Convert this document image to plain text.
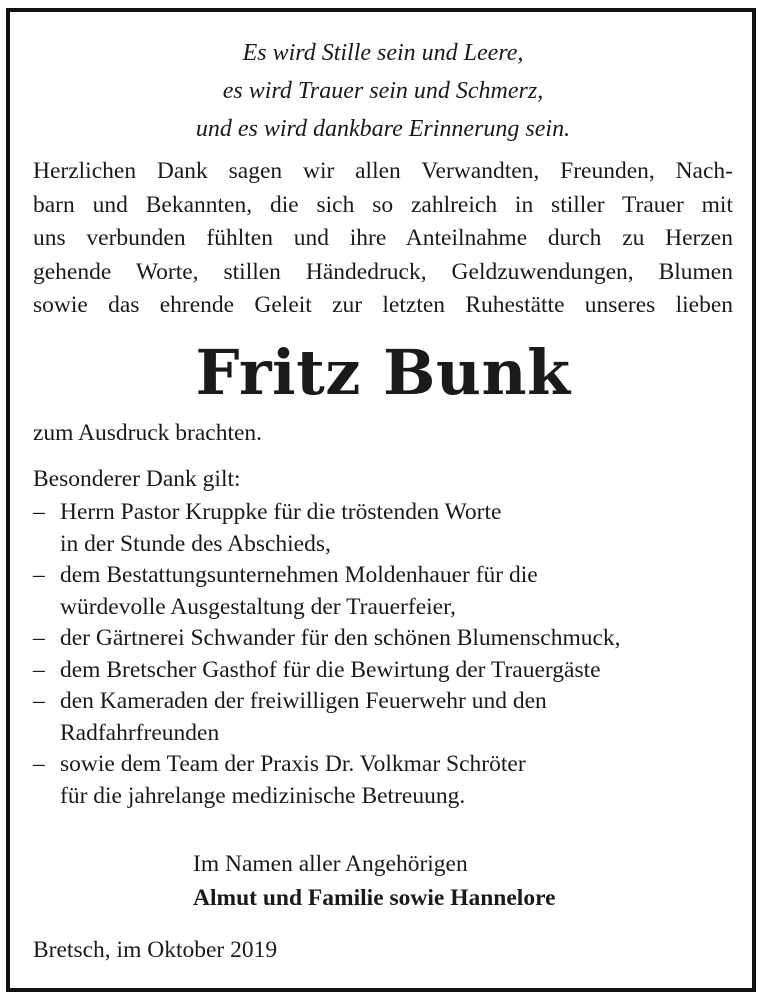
Es wird Stille sein und Leere,
es wird Trauer sein und Schmerz,
und es wird dankbare Erinnerung sein.
Herzlichen Dank sagen wir allen Verwandten, Freunden, Nach-
barn und Bekannten, die sich so zahlreich in stiller Trauer mit
uns verbunden fühlten und ihre Anteilnahme durch zu Herzen
gehende Worte, stillen Händedruck, Geldzuwendungen, Blumen
sowie das ehrende Geleit zur letzten Ruhestätte unseres lieben
Fritz Bunk
zum Ausdruck brachten.
Besonderer Dank gilt:
– Herrn Pastor Kruppke für die tröstenden Worte
in der Stunde des Abschieds,
– dem Bestattungsunternehmen Moldenhauer für die
würdevolle Ausgestaltung der Trauerfeier,
– der Gärtnerei Schwander für den schönen Blumenschmuck,
– dem Bretscher Gasthof für die Bewirtung der Trauergäste
– den Kameraden der freiwilligen Feuerwehr und den
Radfahrfreunden
– sowie dem Team der Praxis Dr. Volkmar Schröter
für die jahrelange medizinische Betreuung.
Im Namen aller Angehörigen
Almut und Familie sowie Hannelore
Bretsch, im Oktober 2019
